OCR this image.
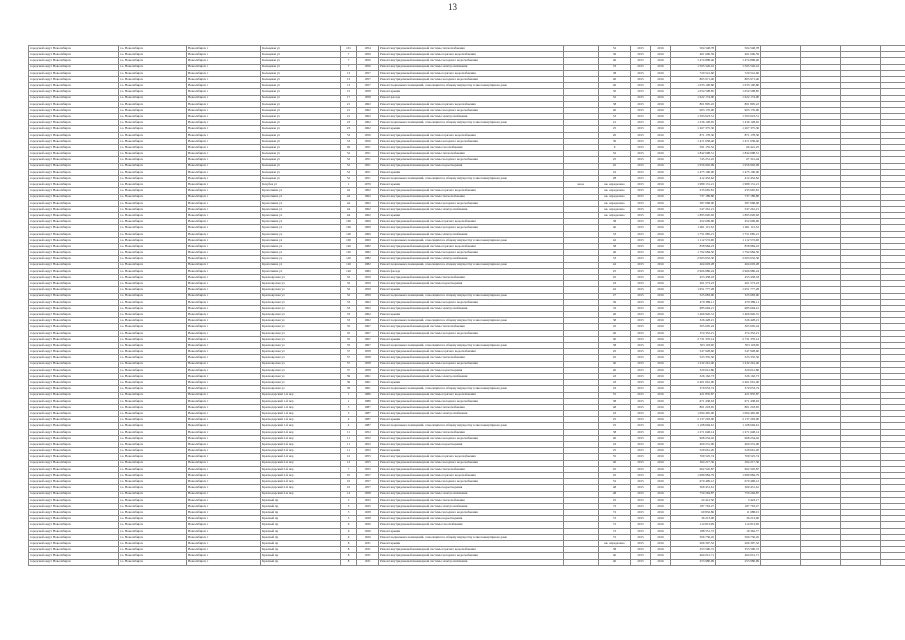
13
городской округ Новосибирск	г.о. Новосибирск	Новосибирск г	Кольцевая ул	101	1954	Ремонт внутридомовой инженерной системы теплоснабжения		52	2015	2016	504 548,78	504 548,78					
городской округ Новосибирск	г.о. Новосибирск	Новосибирск г	Кольцевая ул	7	1956	Ремонт внутридомовой инженерной системы горячего водоснабжения		36	2015	2016	461 606,59	461 606,59					
городской округ Новосибирск	г.о. Новосибирск	Новосибирск г	Кольцевая ул	7	1956	Ремонт внутридомовой инженерной системы холодного водоснабжения		40	2015	2016	1 474 898,40	1 474 898,40					
городской округ Новосибирск	г.о. Новосибирск	Новосибирск г	Кольцевая ул	7	1956	Ремонт внутридомовой инженерной системы электроснабжения		33	2015	2016	1 565 526,16	1 565 526,16					
городской округ Новосибирск	г.о. Новосибирск	Новосибирск г	Кольцевая ул	13	1957	Ремонт внутридомовой инженерной системы горячего водоснабжения		38	2015	2016	720 541,60	720 541,60					
городской округ Новосибирск	г.о. Новосибирск	Новосибирск г	Кольцевая ул	13	1957	Ремонт внутридомовой инженерной системы холодного водоснабжения		40	2015	2016	865 971,40	865 971,40					
городской округ Новосибирск	г.о. Новосибирск	Новосибирск г	Кольцевая ул	13	1957	Ремонт подвальных помещений, относящихся к общему имуществу в многоквартирном доме		40	2015	2016	1 033 100,80	1 033 100,80					
городской округ Новосибирск	г.о. Новосибирск	Новосибирск г	Кольцевая ул	15	1958	Ремонт крыши		50	2015	2016	1 054 508,85	1 054 508,85					
городской округ Новосибирск	г.о. Новосибирск	Новосибирск г	Кольцевая ул	17	1958	Ремонт фасада		52	2015	2016	1 622 174,00	1 622 174,00					
городской округ Новосибирск	г.о. Новосибирск	Новосибирск г	Кольцевая ул	21	1962	Ремонт внутридомовой инженерной системы горячего водоснабжения		38	2015	2016	801 805,22	801 805,22					
городской округ Новосибирск	г.о. Новосибирск	Новосибирск г	Кольцевая ул	21	1962	Ремонт внутридомовой инженерной системы холодного водоснабжения		40	2015	2016	903 170,00	903 170,00					
городской округ Новосибирск	г.о. Новосибирск	Новосибирск г	Кольцевая ул	21	1962	Ремонт внутридомовой инженерной системы электроснабжения		53	2015	2016	1 593 023,51	1 593 023,51					
городской округ Новосибирск	г.о. Новосибирск	Новосибирск г	Кольцевая ул	23	1962	Ремонт подвальных помещений, относящихся к общему имуществу в многоквартирном доме		41	2015	2016	1 236 128,65	1 236 128,65					
городской округ Новосибирск	г.о. Новосибирск	Новосибирск г	Кольцевая ул	23	1962	Ремонт крыши		25	2015	2016	1 267 375,30	1 267 375,30					
городской округ Новосибирск	г.о. Новосибирск	Новосибирск г	Кольцевая ул	53	1956	Ремонт внутридомовой инженерной системы горячего водоснабжения		20	2015	2016	871 178,30	871 178,30					
городской округ Новосибирск	г.о. Новосибирск	Новосибирск г	Кольцевая ул	53	1956	Ремонт внутридомовой инженерной системы холодного водоснабжения		30	2015	2016	1 471 658,40	1 471 658,40					
городской округ Новосибирск	г.о. Новосибирск	Новосибирск г	Кольцевая ул	49	1951	Ремонт внутридомовой инженерной системы газоснабжения		9	2015	2016	591 155,52	66 441,25					
городской округ Новосибирск	г.о. Новосибирск	Новосибирск г	Кольцевая ул	52	1951	Ремонт внутридомовой инженерной системы теплоснабжения		32	2015	2016	1 842 098,51	1 842 098,51					
городской округ Новосибирск	г.о. Новосибирск	Новосибирск г	Кольцевая ул	52	1951	Ремонт внутридомовой инженерной системы холодного водоснабжения		25	2015	2016	745 251,22	67 312,44					
городской округ Новосибирск	г.о. Новосибирск	Новосибирск г	Кольцевая ул	52	1951	Ремонт внутридомовой инженерной системы водоотведения		45	2015	2016	1 056 902,09	1 056 902,09					
городской округ Новосибирск	г.о. Новосибирск	Новосибирск г	Кольцевая ул	52	1951	Ремонт крыши		22	2015	2016	1 475 100,00	1 475 100,00					
городской округ Новосибирск	г.о. Новосибирск	Новосибирск г	Кольцевая ул	52	1951	Ремонт подвальных помещений, относящихся к общему имуществу в многоквартирном доме		28	2015	2016	412 452,62	412 452,62					
городской округ Новосибирск	г.о. Новосибирск	Новосибирск г	Кочубея ул	1	1970	Ремонт крыши	кв.м.	кв. определено	2015	2016	1 989 131,21	1 989 131,21					
городской округ Новосибирск	г.о. Новосибирск	Новосибирск г	Кропоткина ул	44	1962	Ремонт внутридомовой инженерной системы горячего водоснабжения		кв. определено	2015	2016	235 665,81	235 665,81					
городской округ Новосибирск	г.о. Новосибирск	Новосибирск г	Кропоткина ул	44	1962	Ремонт внутридомовой инженерной системы теплоснабжения		кв. определено	2015	2016	737 189,80	737 189,80					
городской округ Новосибирск	г.о. Новосибирск	Новосибирск г	Кропоткина ул	44	1962	Ремонт внутридомовой инженерной системы холодного водоснабжения		кв. определено	2015	2016	387 068,00	387 068,00					
городской округ Новосибирск	г.о. Новосибирск	Новосибирск г	Кропоткина ул	44	1962	Ремонт внутридомовой инженерной системы электроснабжения		кв. определено	2015	2016	547 261,21	547 261,21					
городской округ Новосибирск	г.о. Новосибирск	Новосибирск г	Кропоткина ул	44	1962	Ремонт крыши		кв. определено	2015	2016	1 895 020,92	1 895 020,92					
городской округ Новосибирск	г.о. Новосибирск	Новосибирск г	Кропоткина ул	106	1969	Ремонт внутридомовой инженерной системы горячего водоснабжения		38	2015	2016	452 609,90	452 609,90					
городской округ Новосибирск	г.о. Новосибирск	Новосибирск г	Кропоткина ул	106	1969	Ремонт внутридомовой инженерной системы холодного водоснабжения		40	2015	2016	1 061 115,52	1 061 115,52					
городской округ Новосибирск	г.о. Новосибирск	Новосибирск г	Кропоткина ул	106	1969	Ремонт внутридомовой инженерной системы электроснабжения		53	2015	2016	1 751 085,21	1 751 085,21					
городской округ Новосибирск	г.о. Новосибирск	Новосибирск г	Кропоткина ул	106	1969	Ремонт подвальных помещений, относящихся к общему имуществу в многоквартирном доме		42	2015	2016	1 112 572,00	1 112 572,00					
городской округ Новосибирск	г.о. Новосибирск	Новосибирск г	Кропоткина ул	126	1982	Ремонт внутридомовой инженерной системы горячего водоснабжения		38	2015	2016	858 984,23	858 984,23					
городской округ Новосибирск	г.о. Новосибирск	Новосибирск г	Кропоткина ул	126	1982	Ремонт внутридомовой инженерной системы холодного водоснабжения		40	2015	2016	1 792 684,50	1 792 684,50					
городской округ Новосибирск	г.о. Новосибирск	Новосибирск г	Кропоткина ул	126	1982	Ремонт внутридомовой инженерной системы электроснабжения		53	2015	2016	2 003 632,30	2 003 632,30					
городской округ Новосибирск	г.о. Новосибирск	Новосибирск г	Кропоткина ул	126	1982	Ремонт подвальных помещений, относящихся к общему имуществу в многоквартирном доме		42	2015	2016	464 603,28	464 603,28					
городской округ Новосибирск	г.о. Новосибирск	Новосибирск г	Кропоткина ул	126	1982	Ремонт фасада		25	2015	2016	2 966 986,24	2 966 986,24					
городской округ Новосибирск	г.о. Новосибирск	Новосибирск г	Красноярская ул	32	1959	Ремонт внутридомовой инженерной системы теплоснабжения		45	2015	2016	453 458,18	453 458,18					
городской округ Новосибирск	г.о. Новосибирск	Новосибирск г	Красноярская ул	32	1959	Ремонт внутридомовой инженерной системы водоотведения		43	2015	2016	261 573,23	261 573,23					
городской округ Новосибирск	г.о. Новосибирск	Новосибирск г	Красноярская ул	32	1959	Ремонт крыши		42	2015	2016	1 651 777,28	1 651 777,28					
городской округ Новосибирск	г.о. Новосибирск	Новосибирск г	Красноярская ул	32	1959	Ремонт подвальных помещений, относящихся к общему имуществу в многоквартирном доме		27	2015	2016	325 683,90	325 683,90					
городской округ Новосибирск	г.о. Новосибирск	Новосибирск г	Красноярская ул	33	1962	Ремонт внутридомовой инженерной системы холодного водоснабжения		39	2015	2016	479 389,11	479 389,11					
городской округ Новосибирск	г.о. Новосибирск	Новосибирск г	Красноярская ул	33	1962	Ремонт внутридомовой инженерной системы электроснабжения		32	2015	2016	685 694,21	685 694,21					
городской округ Новосибирск	г.о. Новосибирск	Новосибирск г	Красноярская ул	33	1962	Ремонт крыши		40	2015	2016	1 466 926,31	1 466 926,31					
городской округ Новосибирск	г.о. Новосибирск	Новосибирск г	Красноярская ул	33	1962	Ремонт подвальных помещений, относящихся к общему имуществу в многоквартирном доме		38	2015	2016	326 428,21	326 428,21					
городской округ Новосибирск	г.о. Новосибирск	Новосибирск г	Красноярская ул	35	1967	Ремонт внутридомовой инженерной системы теплоснабжения		45	2015	2016	305 605,24	305 605,24					
городской округ Новосибирск	г.о. Новосибирск	Новосибирск г	Красноярская ул	35	1967	Ремонт внутридомовой инженерной системы холодного водоснабжения		40	2015	2016	374 352,21	374 352,21					
городской округ Новосибирск	г.о. Новосибирск	Новосибирск г	Красноярская ул	35	1967	Ремонт крыши		40	2015	2016	2 731 376,14	2 731 376,14					
городской округ Новосибирск	г.о. Новосибирск	Новосибирск г	Красноярская ул	35	1967	Ремонт подвальных помещений, относящихся к общему имуществу в многоквартирном доме		38	2015	2016	303 118,00	303 118,00					
городской округ Новосибирск	г.о. Новосибирск	Новосибирск г	Красноярская ул	37	1958	Ремонт внутридомовой инженерной системы горячего водоснабжения		45	2015	2016	547 928,60	547 928,60					
городской округ Новосибирск	г.о. Новосибирск	Новосибирск г	Красноярская ул	37	1958	Ремонт внутридомовой инженерной системы теплоснабжения		45	2015	2016	523 335,56	523 335,56					
городской округ Новосибирск	г.о. Новосибирск	Новосибирск г	Красноярская ул	37	1958	Ремонт внутридомовой инженерной системы холодного водоснабжения		40	2015	2016	1 232 261,40	1 232 261,40					
городской округ Новосибирск	г.о. Новосибирск	Новосибирск г	Красноярская ул	37	1958	Ремонт внутридомовой инженерной системы водоотведения		40	2015	2016	320 612,86	320 612,86					
городской округ Новосибирск	г.о. Новосибирск	Новосибирск г	Красноярская ул	39	1961	Ремонт внутридомовой инженерной системы электроснабжения		43	2015	2016	326 162,73	326 162,73					
городской округ Новосибирск	г.о. Новосибирск	Новосибирск г	Красноярская ул	39	1961	Ремонт крыши		43	2015	2016	2 401 061,00	2 401 061,00					
городской округ Новосибирск	г.о. Новосибирск	Новосибирск г	Красноярская ул	39	1961	Ремонт подвальных помещений, относящихся к общему имуществу в многоквартирном доме		43	2015	2016	370 053,74	370 053,74					
городской округ Новосибирск	г.о. Новосибирск	Новосибирск г	Краснодарский 1-й пер	1	1986	Ремонт внутридомовой инженерной системы горячего водоснабжения		55	2015	2016	421 835,87	421 835,87					
городской округ Новосибирск	г.о. Новосибирск	Новосибирск г	Краснодарский 1-й пер	1	1986	Ремонт внутридомовой инженерной системы холодного водоснабжения		38	2015	2016	671 438,63	671 438,63					
городской округ Новосибирск	г.о. Новосибирск	Новосибирск г	Краснодарский 1-й пер	3	1987	Ремонт внутридомовой инженерной системы теплоснабжения		48	2015	2016	801 218,65	801 218,65					
городской округ Новосибирск	г.о. Новосибирск	Новосибирск г	Краснодарский 1-й пер	3	1987	Ремонт внутридомовой инженерной системы электроснабжения		43	2015	2016	1 094 465,00	1 094 465,00					
городской округ Новосибирск	г.о. Новосибирск	Новосибирск г	Краснодарский 1-й пер	4	1987	Ремонт крыши		25	2015	2016	2 137 293,00	2 137 293,00					
городской округ Новосибирск	г.о. Новосибирск	Новосибирск г	Краснодарский 1-й пер	4	1987	Ремонт подвальных помещений, относящихся к общему имуществу в многоквартирном доме		25	2015	2016	1 168 694,61	1 168 694,61					
городской округ Новосибирск	г.о. Новосибирск	Новосибирск г	Краснодарский 2-й пер	11	1952	Ремонт внутридомовой инженерной системы теплоснабжения		38	2015	2016	1 271 648,14	1 271 648,14					
городской округ Новосибирск	г.о. Новосибирск	Новосибирск г	Краснодарский 2-й пер	11	1952	Ремонт внутридомовой инженерной системы холодного водоснабжения		40	2015	2016	668 254,42	668 254,42					
городской округ Новосибирск	г.о. Новосибирск	Новосибирск г	Краснодарский 2-й пер	11	1952	Ремонт внутридомовой инженерной системы водоотведения		43	2015	2016	400 231,06	400 231,06					
городской округ Новосибирск	г.о. Новосибирск	Новосибирск г	Краснодарский 2-й пер	11	1952	Ремонт крыши		25	2015	2016	529 661,20	529 661,20					
городской округ Новосибирск	г.о. Новосибирск	Новосибирск г	Краснодарский 2-й пер	12	1955	Ремонт внутридомовой инженерной системы горячего водоснабжения		55	2015	2016	709 525,74	709 525,74					
городской округ Новосибирск	г.о. Новосибирск	Новосибирск г	Краснодарский 2-й пер	12	1955	Ремонт внутридомовой инженерной системы холодного водоснабжения		40	2015	2016	304 217,36	304 217,36					
городской округ Новосибирск	г.о. Новосибирск	Новосибирск г	Краснодарский 2-й пер	7	1955	Ремонт внутридомовой инженерной системы теплоснабжения		45	2015	2016	662 545,87	662 545,87					
городской округ Новосибирск	г.о. Новосибирск	Новосибирск г	Краснодарский 2-й пер	10	1957	Ремонт внутридомовой инженерной системы горячего водоснабжения		45	2015	2016	1 089 984,79	1 089 984,79					
городской округ Новосибирск	г.о. Новосибирск	Новосибирск г	Краснодарский 2-й пер	10	1957	Ремонт внутридомовой инженерной системы холодного водоснабжения		52	2015	2016	670 499,12	670 499,12					
городской округ Новосибирск	г.о. Новосибирск	Новосибирск г	Краснодарский 2-й пер	10	1957	Ремонт внутридомовой инженерной системы водоотведения		48	2015	2016	369 451,61	369 451,61					
городской округ Новосибирск	г.о. Новосибирск	Новосибирск г	Краснодарский 2-й пер	14	1958	Ремонт внутридомовой инженерной системы электроснабжения		48	2015	2016	750 294,87	750 294,87					
городской округ Новосибирск	г.о. Новосибирск	Новосибирск г	Красный пр	3	1925	Ремонт внутридомовой инженерной системы теплоснабжения		25	2015	2016	24 412,50	3 443,17					
городской округ Новосибирск	г.о. Новосибирск	Новосибирск г	Красный пр	3	1925	Ремонт внутридомовой инженерной системы электроснабжения		72	2015	2016	187 763,27	187 763,27					
городской округ Новосибирск	г.о. Новосибирск	Новосибирск г	Красный пр	5	1928	Ремонт внутридомовой инженерной системы холодного водоснабжения		72	2015	2016	69 832,86	11 688,01					
городской округ Новосибирск	г.о. Новосибирск	Новосибирск г	Красный пр	5	1928	Ремонт внутридомовой инженерной системы водоотведения		72	2015	2016	36 213,00	36 213,00					
городской округ Новосибирск	г.о. Новосибирск	Новосибирск г	Красный пр	6	1926	Ремонт внутридомовой инженерной системы газоснабжения		72	2015	2016	114 813,09	114 813,09					
городской округ Новосибирск	г.о. Новосибирск	Новосибирск г	Красный пр	6	1926	Ремонт крыши		72	2015	2016	188 551,72	19 362,77					
городской округ Новосибирск	г.о. Новосибирск	Новосибирск г	Красный пр	6	1926	Ремонт подвальных помещений, относящихся к общему имуществу в многоквартирном доме		72	2015	2016	566 736,45	566 736,45					
городской округ Новосибирск	г.о. Новосибирск	Новосибирск г	Красный пр	8	1931	Ремонт крыши		кв. определено	2015	2016	266 397,52	266 397,52					
городской округ Новосибирск	г.о. Новосибирск	Новосибирск г	Красный пр	8	1931	Ремонт внутридомовой инженерной системы горячего водоснабжения		38	2015	2016	353 590,72	353 590,72					
городской округ Новосибирск	г.о. Новосибирск	Новосибирск г	Красный пр	8	1931	Ремонт внутридомовой инженерной системы холодного водоснабжения		40	2015	2016	464 012,71	464 012,71					
городской округ Новосибирск	г.о. Новосибирск	Новосибирск г	Красный пр	8	1931	Ремонт внутридомовой инженерной системы электроснабжения		40	2015	2016	253 980,99	253 980,99					
